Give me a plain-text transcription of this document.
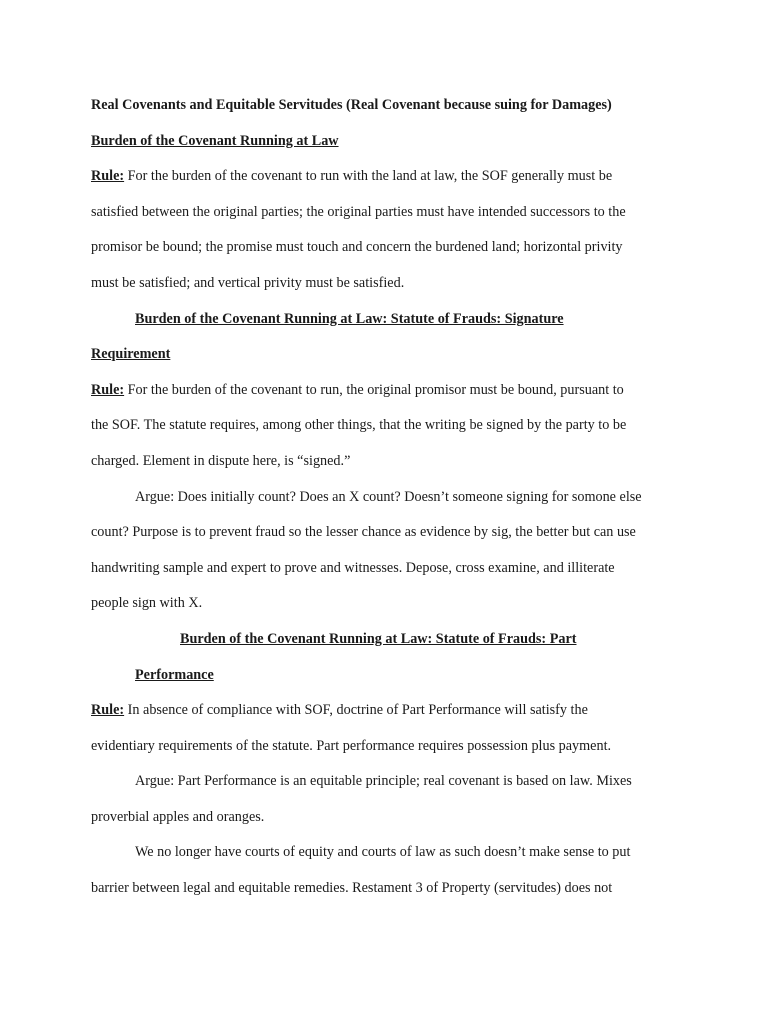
Real Covenants and Equitable Servitudes (Real Covenant because suing for Damages)
Burden of the Covenant Running at Law
Rule: For the burden of the covenant to run with the land at law, the SOF generally must be
satisfied between the original parties; the original parties must have intended successors to the
promisor be bound; the promise must touch and concern the burdened land; horizontal privity
must be satisfied; and vertical privity must be satisfied.
Burden of the Covenant Running at Law: Statute of Frauds: Signature
Requirement
Rule: For the burden of the covenant to run, the original promisor must be bound, pursuant to
the SOF. The statute requires, among other things, that the writing be signed by the party to be
charged. Element in dispute here, is “signed.”
Argue: Does initially count? Does an X count? Doesn’t someone signing for somone else
count? Purpose is to prevent fraud so the lesser chance as evidence by sig, the better but can use
handwriting sample and expert to prove and witnesses. Depose, cross examine, and illiterate
people sign with X.
Burden of the Covenant Running at Law: Statute of Frauds: Part
Performance
Rule: In absence of compliance with SOF, doctrine of Part Performance will satisfy the
evidentiary requirements of the statute. Part performance requires possession plus payment.
Argue: Part Performance is an equitable principle; real covenant is based on law. Mixes
proverbial apples and oranges.
We no longer have courts of equity and courts of law as such doesn’t make sense to put
barrier between legal and equitable remedies. Restament 3 of Property (servitudes) does not
